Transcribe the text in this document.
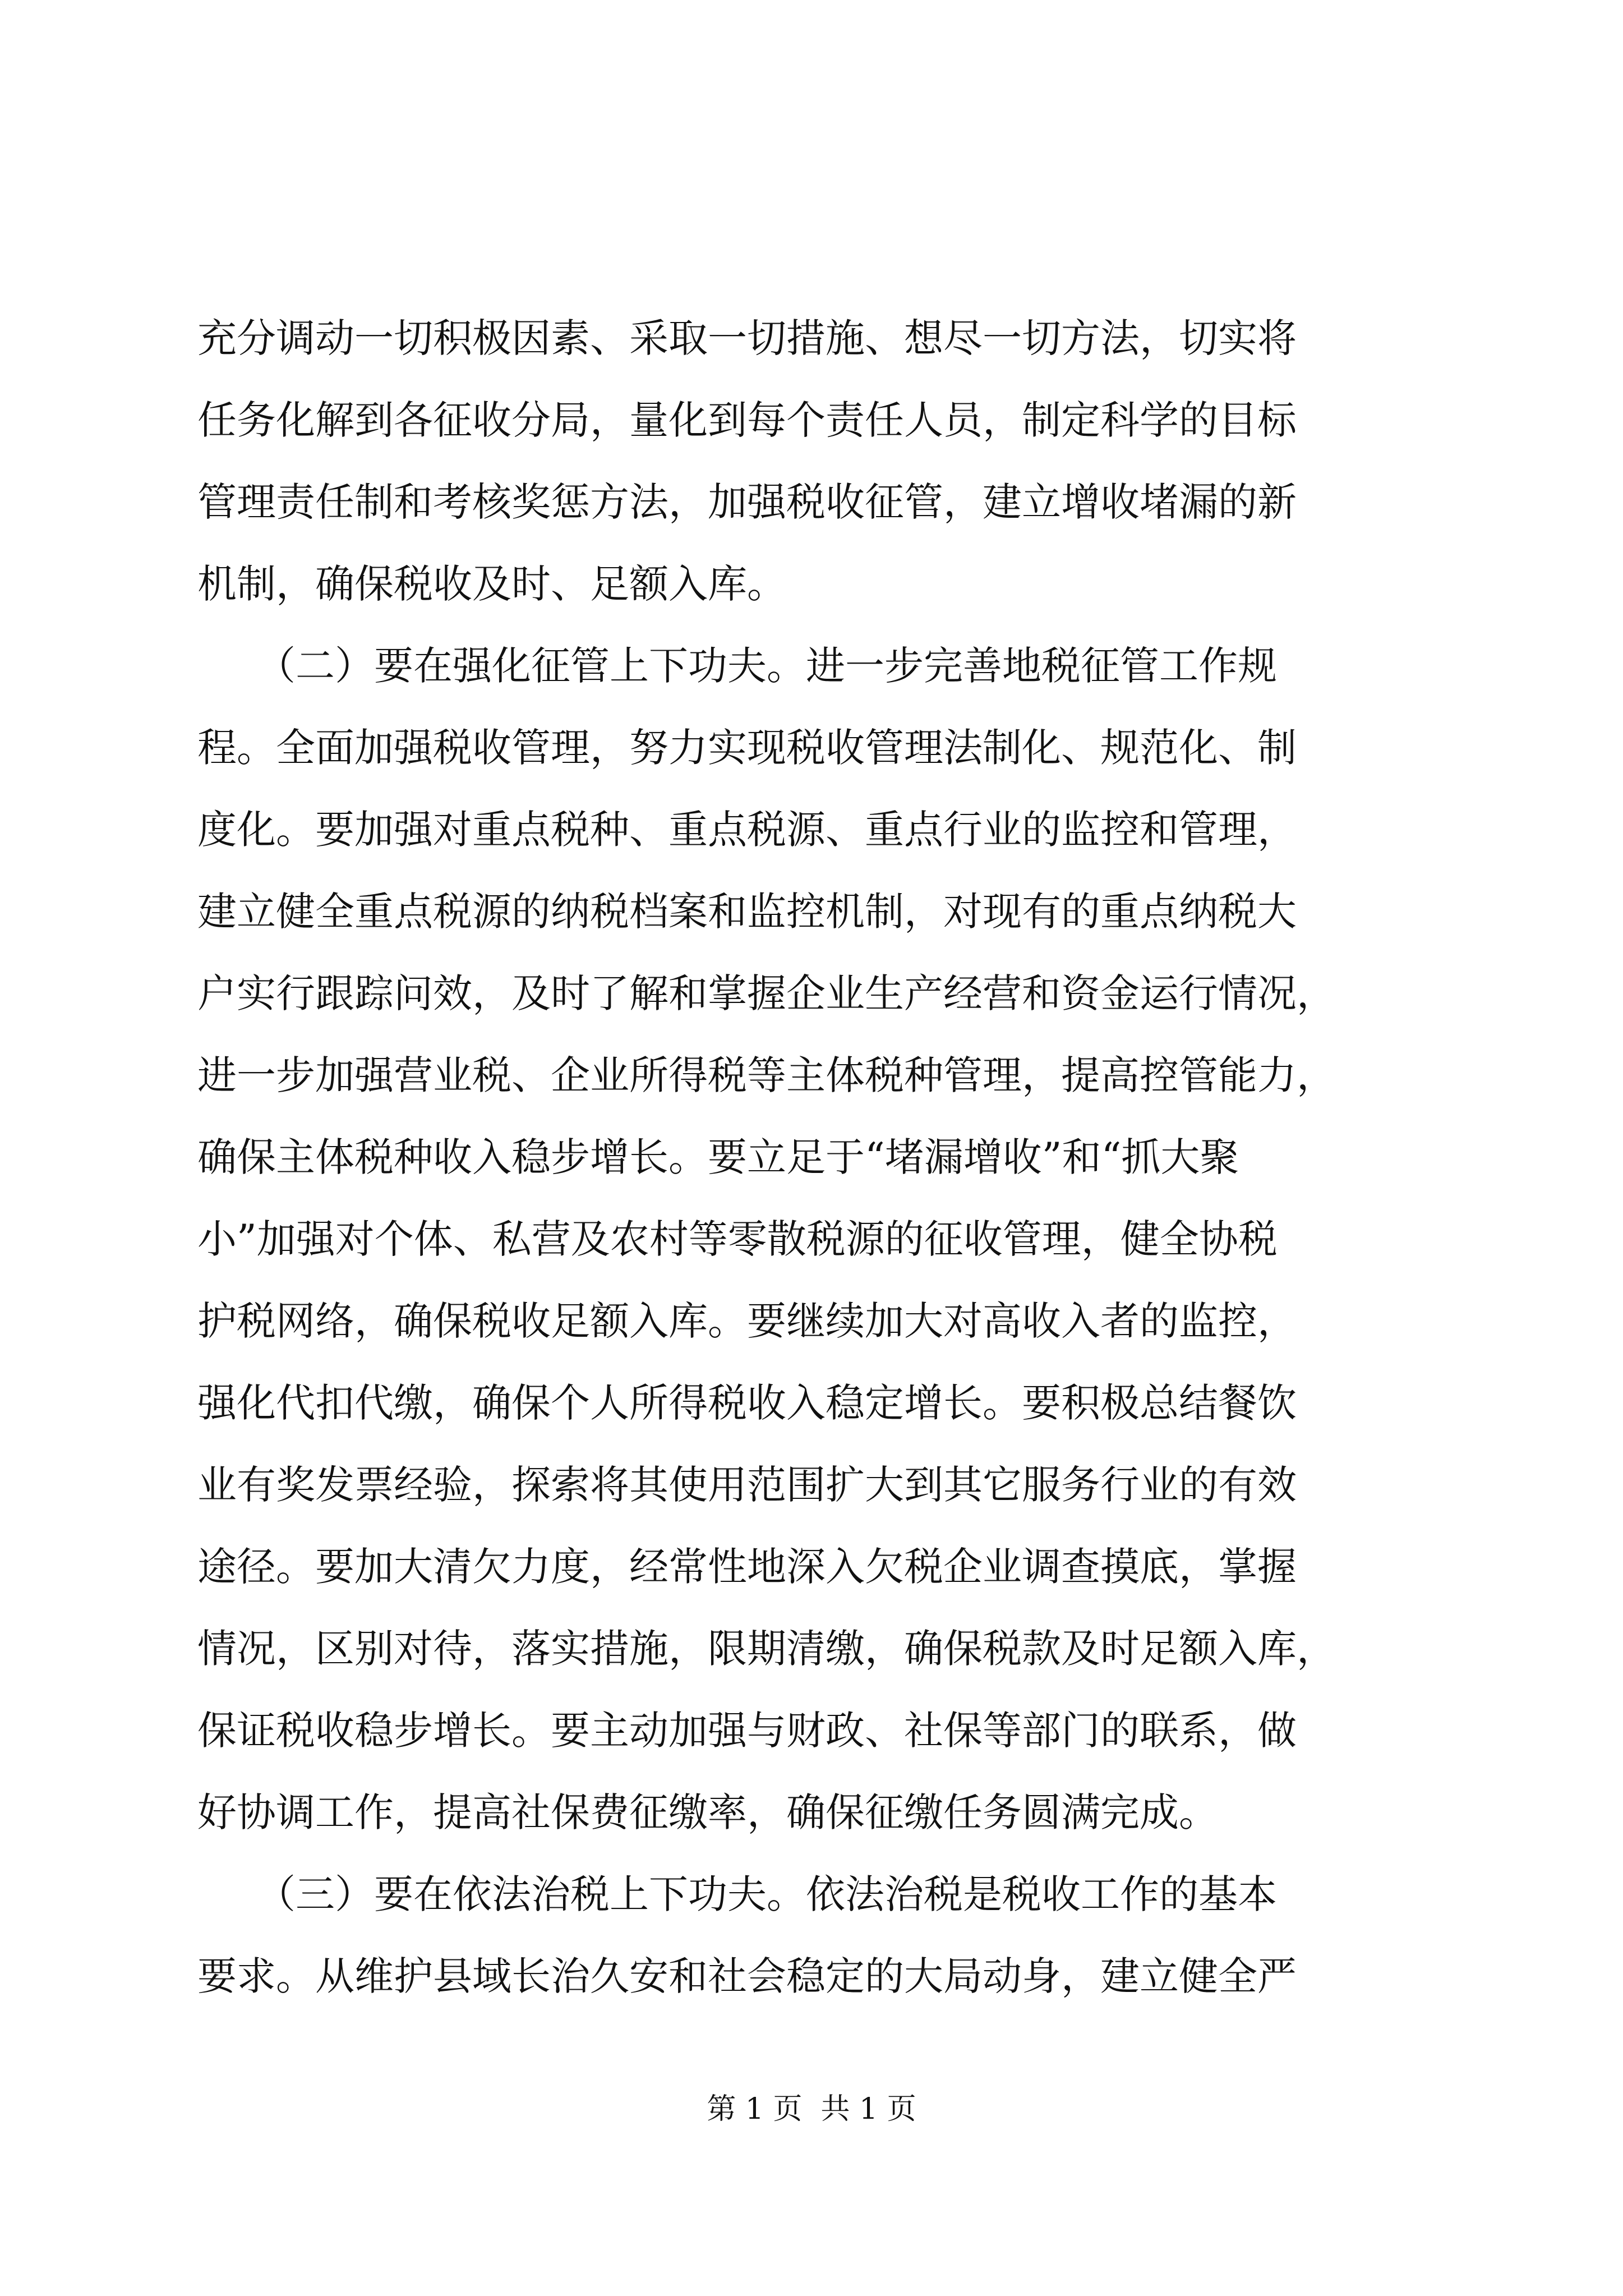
充分调动一切积极因素、采取一切措施、想尽一切方法，切实将
任务化解到各征收分局，量化到每个责任人员，制定科学的目标
管理责任制和考核奖惩方法，加强税收征管，建立增收堵漏的新
机制，确保税收及时、足额入库。
　　（二）要在强化征管上下功夫。进一步完善地税征管工作规
程。全面加强税收管理，努力实现税收管理法制化、规范化、制
度化。要加强对重点税种、重点税源、重点行业的监控和管理，
建立健全重点税源的纳税档案和监控机制，对现有的重点纳税大
户实行跟踪问效，及时了解和掌握企业生产经营和资金运行情况，
进一步加强营业税、企业所得税等主体税种管理，提高控管能力，
确保主体税种收入稳步增长。要立足于“堵漏增收”和“抓大聚
小”加强对个体、私营及农村等零散税源的征收管理，健全协税
护税网络，确保税收足额入库。要继续加大对高收入者的监控，
强化代扣代缴，确保个人所得税收入稳定增长。要积极总结餐饮
业有奖发票经验，探索将其使用范围扩大到其它服务行业的有效
途径。要加大清欠力度，经常性地深入欠税企业调查摸底，掌握
情况，区别对待，落实措施，限期清缴，确保税款及时足额入库，
保证税收稳步增长。要主动加强与财政、社保等部门的联系，做
好协调工作，提高社保费征缴率，确保征缴任务圆满完成。
　　（三）要在依法治税上下功夫。依法治税是税收工作的基本
要求。从维护县域长治久安和社会稳定的大局动身，建立健全严
第 1 页  共 1 页
